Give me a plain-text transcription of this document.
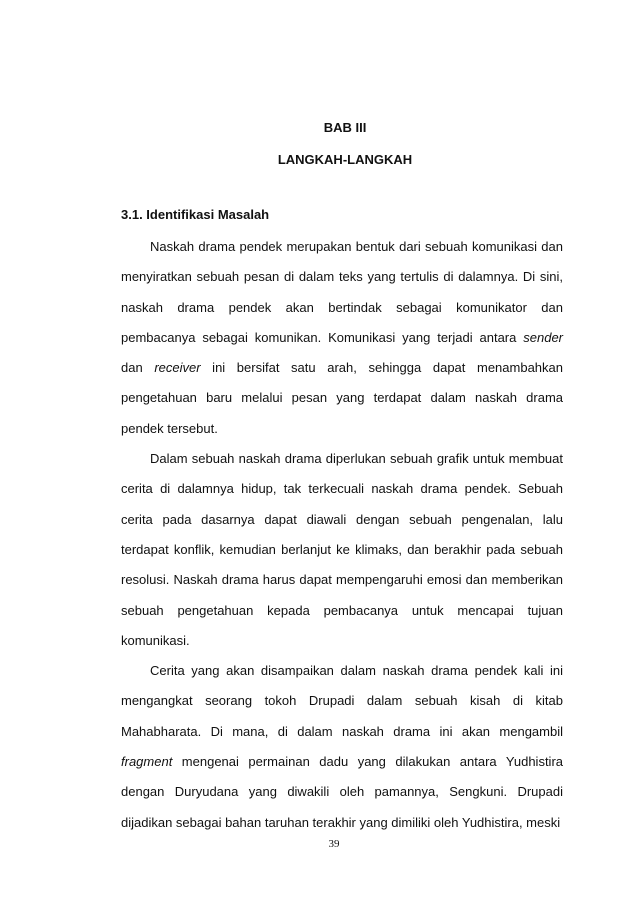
BAB III

LANGKAH-LANGKAH

3.1. Identifikasi Masalah

Naskah drama pendek merupakan bentuk dari sebuah komunikasi dan menyiratkan sebuah pesan di dalam teks yang tertulis di dalamnya. Di sini, naskah drama pendek akan bertindak sebagai komunikator dan pembacanya sebagai komunikan. Komunikasi yang terjadi antara sender dan receiver ini bersifat satu arah, sehingga dapat menambahkan pengetahuan baru melalui pesan yang terdapat dalam naskah drama pendek tersebut.

Dalam sebuah naskah drama diperlukan sebuah grafik untuk membuat cerita di dalamnya hidup, tak terkecuali naskah drama pendek. Sebuah cerita pada dasarnya dapat diawali dengan sebuah pengenalan, lalu terdapat konflik, kemudian berlanjut ke klimaks, dan berakhir pada sebuah resolusi. Naskah drama harus dapat mempengaruhi emosi dan memberikan sebuah pengetahuan kepada pembacanya untuk mencapai tujuan komunikasi.

Cerita yang akan disampaikan dalam naskah drama pendek kali ini mengangkat seorang tokoh Drupadi dalam sebuah kisah di kitab Mahabharata. Di mana, di dalam naskah drama ini akan mengambil fragment mengenai permainan dadu yang dilakukan antara Yudhistira dengan Duryudana yang diwakili oleh pamannya, Sengkuni. Drupadi dijadikan sebagai bahan taruhan terakhir yang dimiliki oleh Yudhistira, meski

39
